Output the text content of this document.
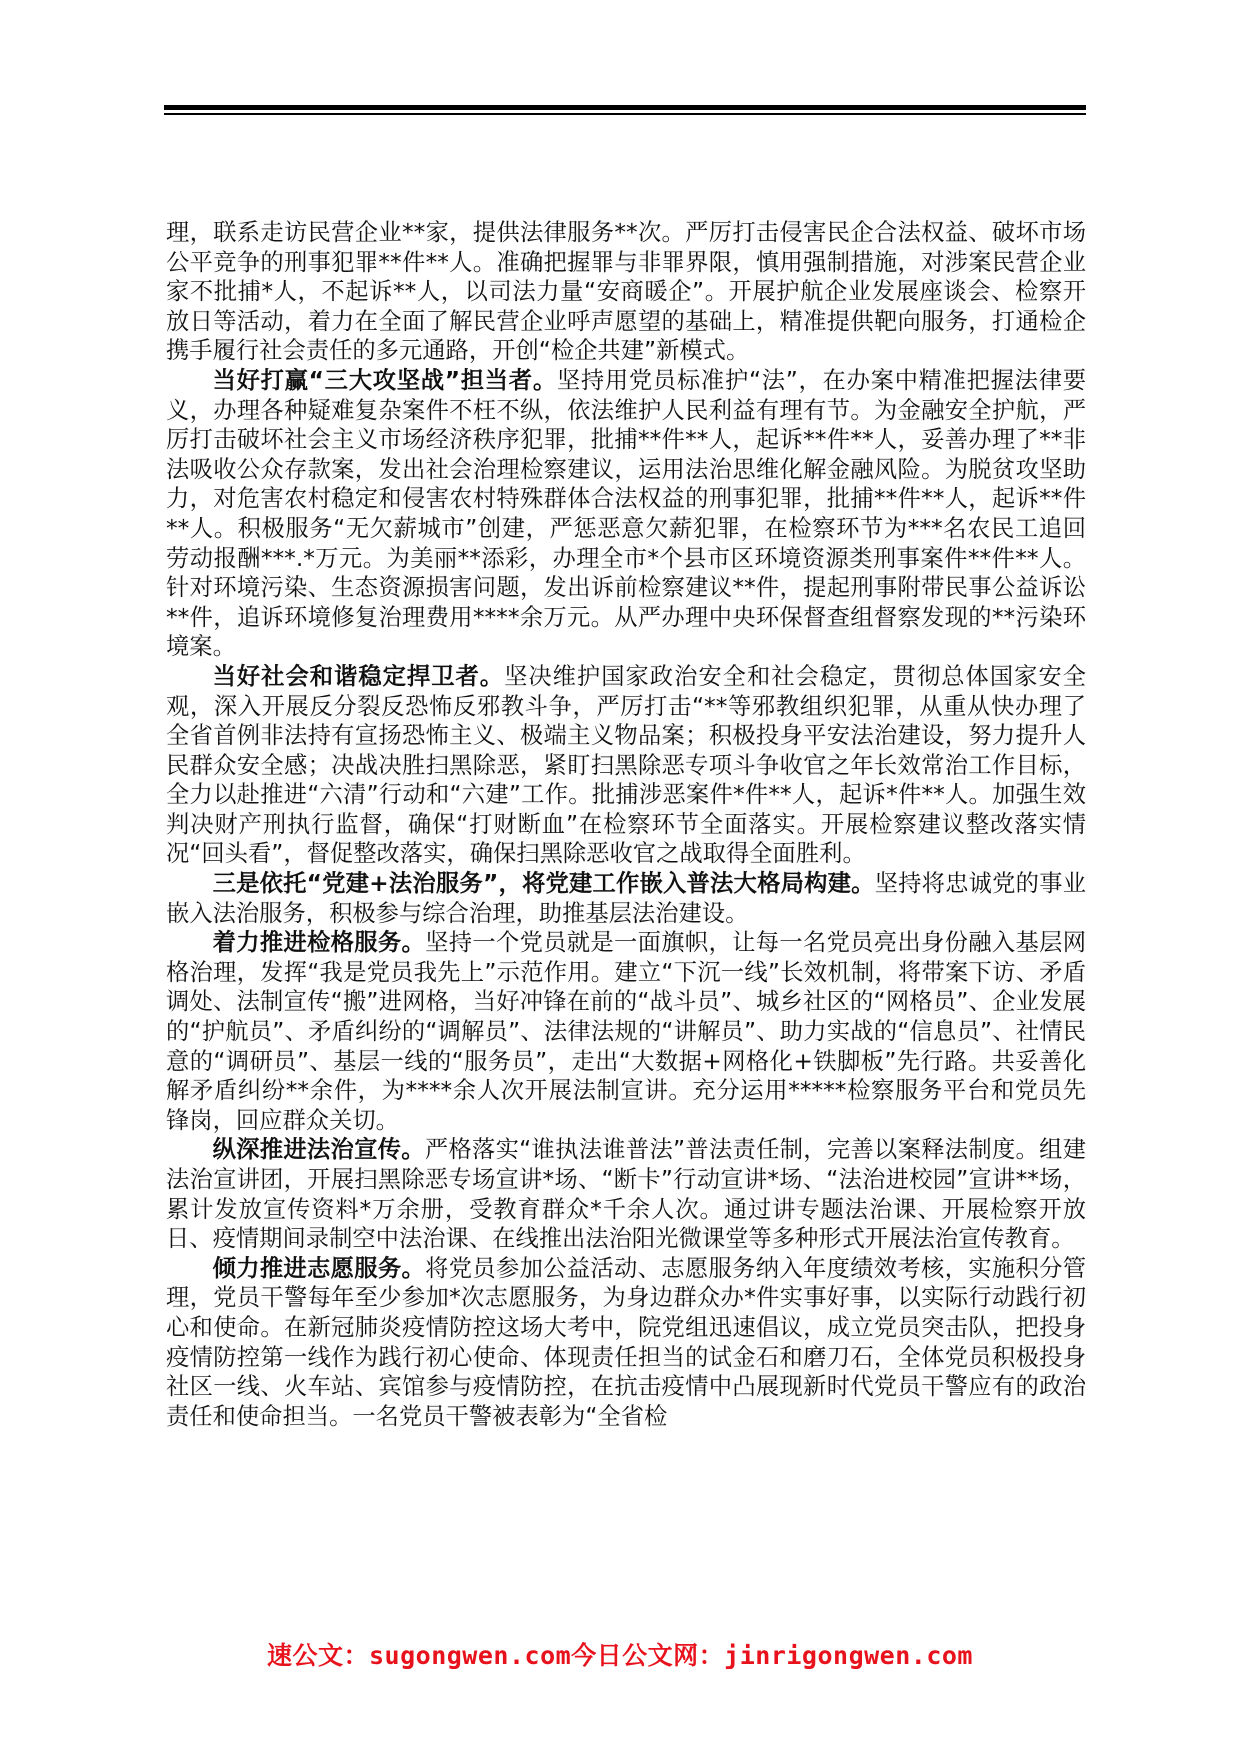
理，联系走访民营企业**家，提供法律服务**次。严厉打击侵害民企合法权益、破坏市场公平竞争的刑事犯罪**件**人。准确把握罪与非罪界限，慎用强制措施，对涉案民营企业家不批捕*人，不起诉**人，以司法力量“安商暖企”。开展护航企业发展座谈会、检察开放日等活动，着力在全面了解民营企业呼声愿望的基础上，精准提供靶向服务，打通检企携手履行社会责任的多元通路，开创“检企共建”新模式。

当好打赢“三大攻坚战”担当者。坚持用党员标准护“法”，在办案中精准把握法律要义，办理各种疑难复杂案件不枉不纵，依法维护人民利益有理有节。为金融安全护航，严厉打击破坏社会主义市场经济秩序犯罪，批捕**件**人，起诉**件**人，妥善办理了**非法吸收公众存款案，发出社会治理检察建议，运用法治思维化解金融风险。为脱贫攻坚助力，对危害农村稳定和侵害农村特殊群体合法权益的刑事犯罪，批捕**件**人，起诉**件**人。积极服务“无欠薪城市”创建，严惩恶意欠薪犯罪，在检察环节为***名农民工追回劳动报酬***.*万元。为美丽**添彩，办理全市*个县市区环境资源类刑事案件**件**人。针对环境污染、生态资源损害问题，发出诉前检察建议**件，提起刑事附带民事公益诉讼**件，追诉环境修复治理费用****余万元。从严办理中央环保督查组督察发现的**污染环境案。

当好社会和谐稳定捍卫者。坚决维护国家政治安全和社会稳定，贯彻总体国家安全观，深入开展反分裂反恐怖反邪教斗争，严厉打击“**等邪教组织犯罪，从重从快办理了全省首例非法持有宣扬恐怖主义、极端主义物品案；积极投身平安法治建设，努力提升人民群众安全感；决战决胜扫黑除恶，紧盯扫黑除恶专项斗争收官之年长效常治工作目标，全力以赴推进“六清”行动和“六建”工作。批捕涉恶案件*件**人，起诉*件**人。加强生效判决财产刑执行监督，确保“打财断血”在检察环节全面落实。开展检察建议整改落实情况“回头看”，督促整改落实，确保扫黑除恶收官之战取得全面胜利。

三是依托“党建+法治服务”，将党建工作嵌入普法大格局构建。坚持将忠诚党的事业嵌入法治服务，积极参与综合治理，助推基层法治建设。

着力推进检格服务。坚持一个党员就是一面旗帜，让每一名党员亮出身份融入基层网格治理，发挥“我是党员我先上”示范作用。建立“下沉一线”长效机制，将带案下访、矛盾调处、法制宣传“搬”进网格，当好冲锋在前的“战斗员”、城乡社区的“网格员”、企业发展的“护航员”、矛盾纠纷的“调解员”、法律法规的“讲解员”、助力实战的“信息员”、社情民意的“调研员”、基层一线的“服务员”，走出“大数据+网格化+铁脚板”先行路。共妥善化解矛盾纠纷**余件，为****余人次开展法制宣讲。充分运用*****检察服务平台和党员先锋岗，回应群众关切。

纵深推进法治宣传。严格落实“谁执法谁普法”普法责任制，完善以案释法制度。组建法治宣讲团，开展扫黑除恶专场宣讲*场、“断卡”行动宣讲*场、“法治进校园”宣讲**场，累计发放宣传资料*万余册，受教育群众*千余人次。通过讲专题法治课、开展检察开放日、疫情期间录制空中法治课、在线推出法治阳光微课堂等多种形式开展法治宣传教育。

倾力推进志愿服务。将党员参加公益活动、志愿服务纳入年度绩效考核，实施积分管理，党员干警每年至少参加*次志愿服务，为身边群众办*件实事好事，以实际行动践行初心和使命。在新冠肺炎疫情防控这场大考中，院党组迅速倡议，成立党员突击队，把投身疫情防控第一线作为践行初心使命、体现责任担当的试金石和磨刀石，全体党员积极投身社区一线、火车站、宾馆参与疫情防控，在抗击疫情中凸展现新时代党员干警应有的政治责任和使命担当。一名党员干警被表彰为“全省检

速公文：sugongwen.com今日公文网：jinrigongwen.com
